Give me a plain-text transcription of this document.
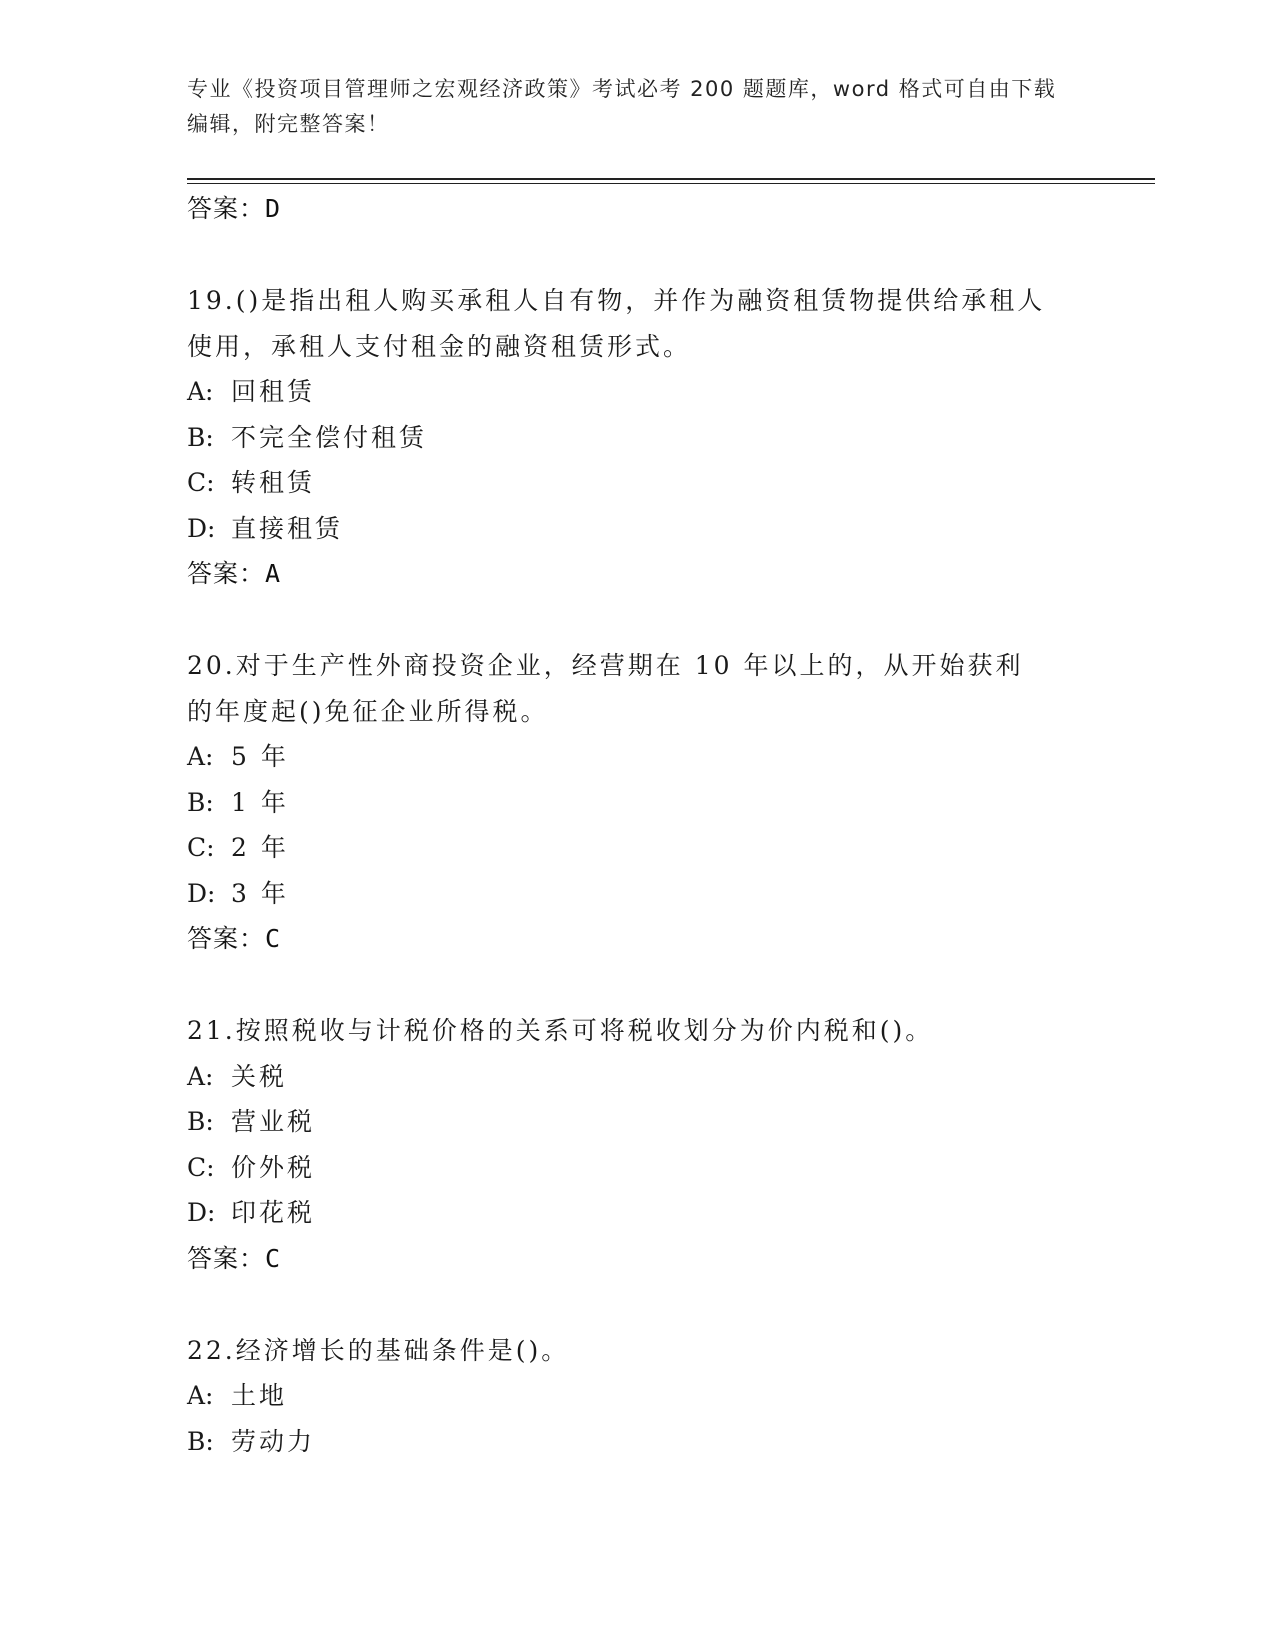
专业《投资项目管理师之宏观经济政策》考试必考 200 题题库，word 格式可自由下载编辑，附完整答案！
答案：D
19.()是指出租人购买承租人自有物，并作为融资租赁物提供给承租人使用，承租人支付租金的融资租赁形式。
A: 回租赁
B: 不完全偿付租赁
C: 转租赁
D: 直接租赁
答案：A
20.对于生产性外商投资企业，经营期在 10 年以上的，从开始获利的年度起()免征企业所得税。
A: 5 年
B: 1 年
C: 2 年
D: 3 年
答案：C
21.按照税收与计税价格的关系可将税收划分为价内税和()。
A: 关税
B: 营业税
C: 价外税
D: 印花税
答案：C
22.经济增长的基础条件是()。
A: 土地
B: 劳动力
